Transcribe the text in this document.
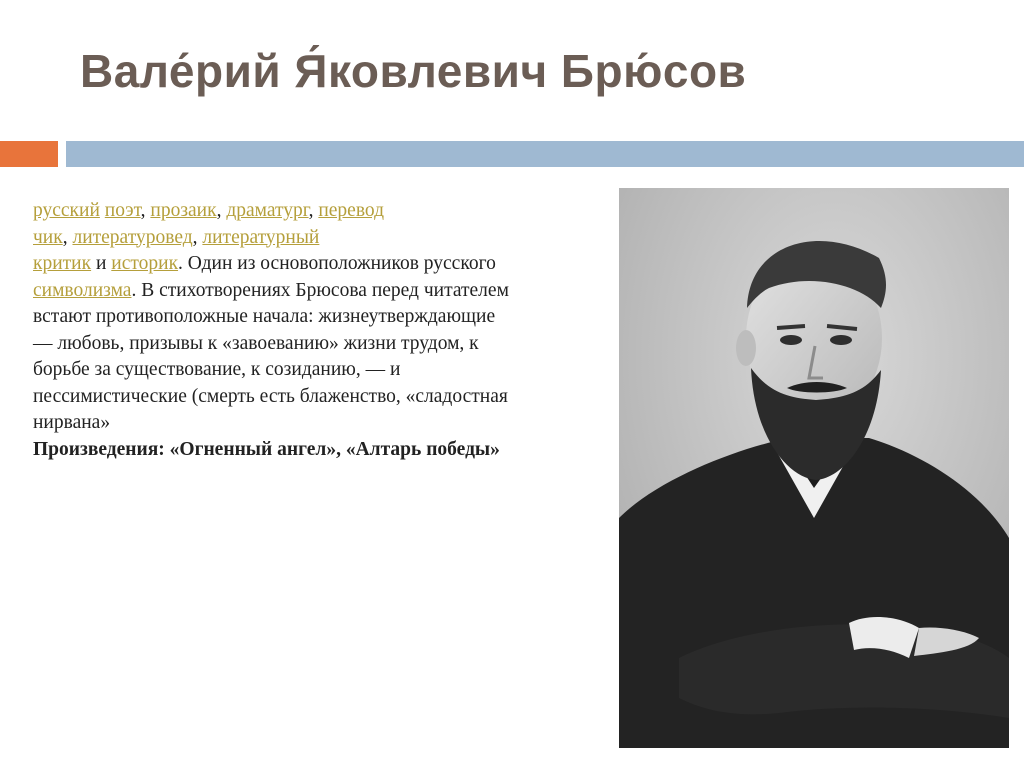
Вале́рий Я́ковлевич Брю́сов
русский поэт, прозаик, драматург, перевод
чик, литературовед, литературный
критик и историк. Один из основоположников русского символизма. В стихотворениях Брюсова перед читателем встают противоположные начала: жизнеутверждающие — любовь, призывы к «завоеванию» жизни трудом, к борьбе за существование, к созиданию, — и пессимистические (смерть есть блаженство, «сладостная нирвана»
Произведения: «Огненный ангел», «Алтарь победы»
